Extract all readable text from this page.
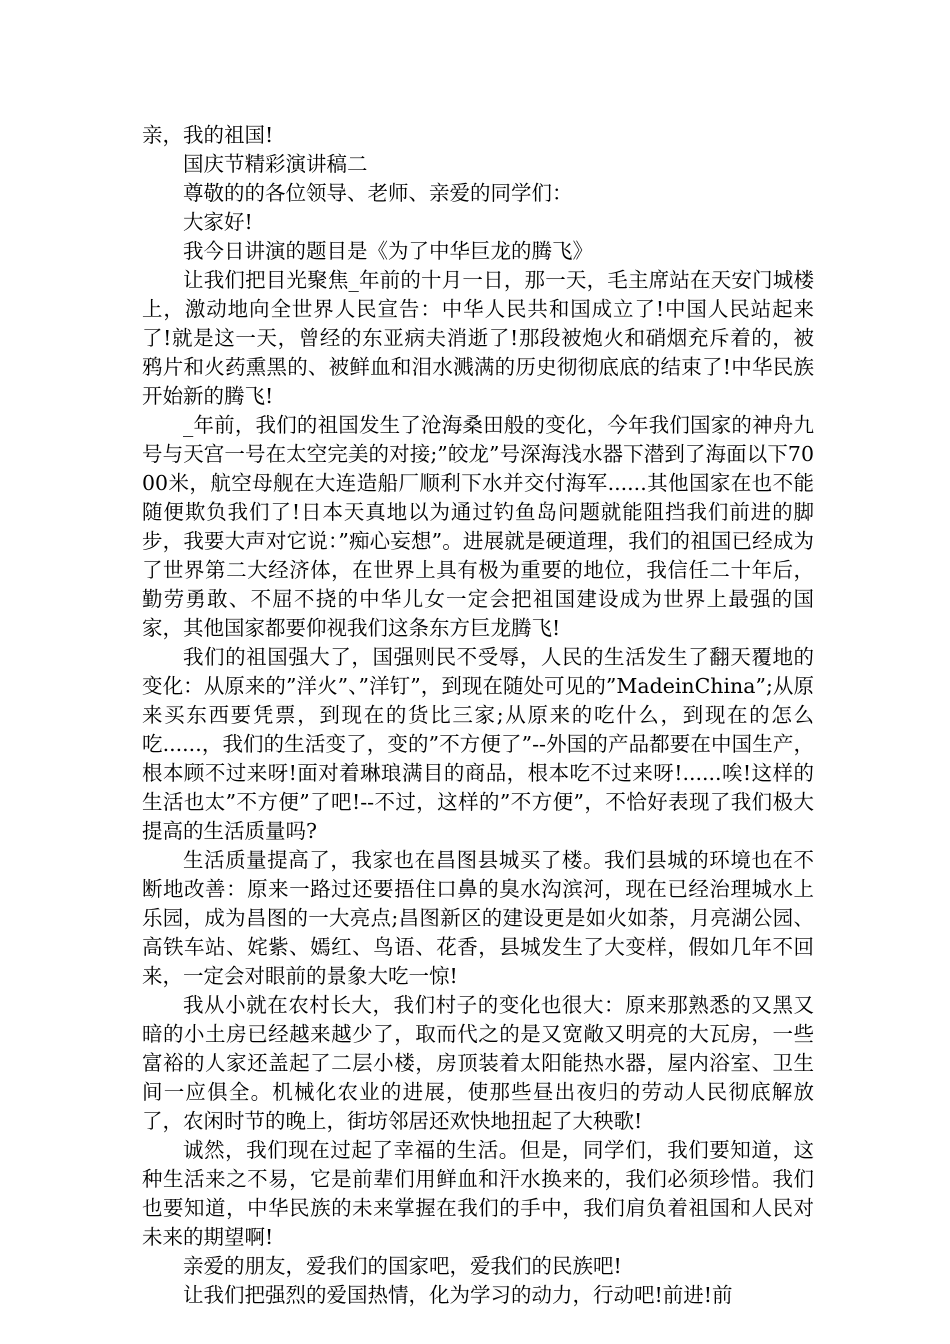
亲，我的祖国!

国庆节精彩演讲稿二

尊敬的的各位领导、老师、亲爱的同学们：

大家好!

我今日讲演的题目是《为了中华巨龙的腾飞》

让我们把目光聚焦_年前的十月一日，那一天，毛主席站在天安门城楼上，激动地向全世界人民宣告：中华人民共和国成立了!中国人民站起来了!就是这一天，曾经的东亚病夫消逝了!那段被炮火和硝烟充斥着的，被鸦片和火药熏黑的、被鲜血和泪水溅满的历史彻彻底底的结束了!中华民族开始新的腾飞!

_年前，我们的祖国发生了沧海桑田般的变化，今年我们国家的神舟九号与天宫一号在太空完美的对接;”皎龙”号深海浅水器下潜到了海面以下7000米，航空母舰在大连造船厂顺利下水并交付海军......其他国家在也不能随便欺负我们了!日本天真地以为通过钓鱼岛问题就能阻挡我们前进的脚步，我要大声对它说：”痴心妄想”。进展就是硬道理，我们的祖国已经成为了世界第二大经济体，在世界上具有极为重要的地位，我信任二十年后，勤劳勇敢、不屈不挠的中华儿女一定会把祖国建设成为世界上最强的国家，其他国家都要仰视我们这条东方巨龙腾飞!

我们的祖国强大了，国强则民不受辱，人民的生活发生了翻天覆地的变化：从原来的”洋火”、”洋钉”，到现在随处可见的”MadeinChina”;从原来买东西要凭票，到现在的货比三家;从原来的吃什么，到现在的怎么吃......，我们的生活变了，变的”不方便了”--外国的产品都要在中国生产，根本顾不过来呀!面对着琳琅满目的商品，根本吃不过来呀!......唉!这样的生活也太”不方便”了吧!--不过，这样的”不方便”，不恰好表现了我们极大提高的生活质量吗?

生活质量提高了，我家也在昌图县城买了楼。我们县城的环境也在不断地改善：原来一路过还要捂住口鼻的臭水沟滨河，现在已经治理城水上乐园，成为昌图的一大亮点;昌图新区的建设更是如火如荼，月亮湖公园、高铁车站、姹紫、嫣红、鸟语、花香，县城发生了大变样，假如几年不回来，一定会对眼前的景象大吃一惊!

我从小就在农村长大，我们村子的变化也很大：原来那熟悉的又黑又暗的小土房已经越来越少了，取而代之的是又宽敞又明亮的大瓦房，一些富裕的人家还盖起了二层小楼，房顶装着太阳能热水器，屋内浴室、卫生间一应俱全。机械化农业的进展，使那些昼出夜归的劳动人民彻底解放了，农闲时节的晚上，街坊邻居还欢快地扭起了大秧歌!

诚然，我们现在过起了幸福的生活。但是，同学们，我们要知道，这种生活来之不易，它是前辈们用鲜血和汗水换来的，我们必须珍惜。我们也要知道，中华民族的未来掌握在我们的手中，我们肩负着祖国和人民对未来的期望啊!

亲爱的朋友，爱我们的国家吧，爱我们的民族吧!

让我们把强烈的爱国热情，化为学习的动力，行动吧!前进!前
